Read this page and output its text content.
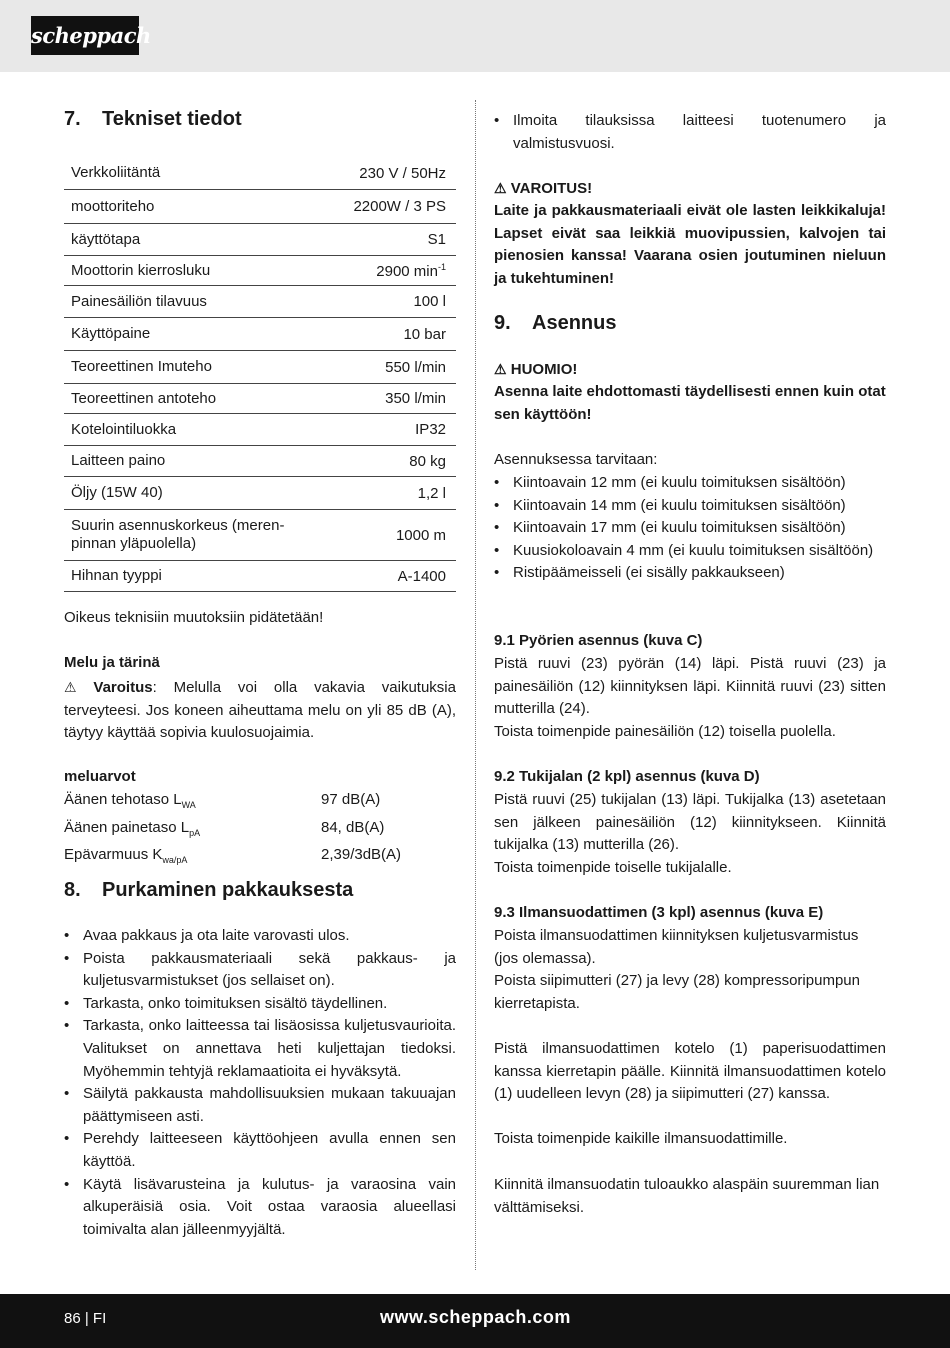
scheppach
7. Tekniset tiedot
Verkkoliitäntä	230 V / 50Hz
moottoriteho	2200W / 3 PS
käyttötapa	S1
Moottorin kierrosluku	2900 $\min^{-1}$
Painesäiliön tilavuus	100 l
Käyttöpaine	10 bar
Teoreettinen Imuteho	550 l/min
Teoreettinen antoteho	350 l/min
Kotelointiluokka	IP32
Laitteen paino	80 kg
Öljy (15W 40)	1,2 l
Suurin asennuskorkeus (meren-pinnan yläpuolella)	1000 m
Hihnan tyyppi	A-1400
Oikeus teknisiin muutoksiin pidätetään!
Melu ja tärinä
⚠ Varoitus: Melulla voi olla vakavia vaikutuksia terveyteesi. Jos koneen aiheuttama melu on yli 85 dB (A), täytyy käyttää sopivia kuulosuojaimia.
meluarvot
Äänen tehotaso $L_{WA}$	97 dB(A)
Äänen painetaso $L_{pA}$	84, dB(A)
Epävarmuus $K_{wa/pA}$	2,39/3dB(A)
8. Purkaminen pakkauksesta
• Avaa pakkaus ja ota laite varovasti ulos.
• Poista pakkausmateriaali sekä pakkaus- ja kuljetusvarmistukset (jos sellaiset on).
• Tarkasta, onko toimituksen sisältö täydellinen.
• Tarkasta, onko laitteessa tai lisäosissa kuljetusvaurioita. Valitukset on annettava heti kuljettajan tiedoksi. Myöhemmin tehtyjä reklamaatioita ei hyväksytä.
• Säilytä pakkausta mahdollisuuksien mukaan takuuajan päättymiseen asti.
• Perehdy laitteeseen käyttöohjeen avulla ennen sen käyttöä.
• Käytä lisävarusteina ja kulutus- ja varaosina vain alkuperäisiä osia. Voit ostaa varaosia alueellasi toimivalta alan jälleenmyyjältä.
• Ilmoita tilauksissa laitteesi tuotenumero ja valmistusvuosi.
⚠ VAROITUS!
Laite ja pakkausmateriaali eivät ole lasten leikkikaluja! Lapset eivät saa leikkiä muovipussien, kalvojen tai pienosien kanssa! Vaarana osien joutuminen nieluun ja tukehtuminen!
9. Asennus
⚠ HUOMIO!
Asenna laite ehdottomasti täydellisesti ennen kuin otat sen käyttöön!
Asennuksessa tarvitaan:
• Kiintoavain 12 mm (ei kuulu toimituksen sisältöön)
• Kiintoavain 14 mm (ei kuulu toimituksen sisältöön)
• Kiintoavain 17 mm (ei kuulu toimituksen sisältöön)
• Kuusiokoloavain 4 mm (ei kuulu toimituksen sisältöön)
• Ristipäämeisseli (ei sisälly pakkaukseen)
9.1 Pyörien asennus (kuva C)
Pistä ruuvi (23) pyörän (14) läpi. Pistä ruuvi (23) ja painesäiliön (12) kiinnityksen läpi. Kiinnitä ruuvi (23) sitten mutterilla (24).
Toista toimenpide painesäiliön (12) toisella puolella.
9.2 Tukijalan (2 kpl) asennus (kuva D)
Pistä ruuvi (25) tukijalan (13) läpi. Tukijalka (13) asetetaan sen jälkeen painesäiliön (12) kiinnitykseen. Kiinnitä tukijalka (13) mutterilla (26).
Toista toimenpide toiselle tukijalalle.
9.3 Ilmansuodattimen (3 kpl) asennus (kuva E)
Poista ilmansuodattimen kiinnityksen kuljetusvarmistus (jos olemassa).
Poista siipimutteri (27) ja levy (28) kompressoripumpun kierretapista.
Pistä ilmansuodattimen kotelo (1) paperisuodattimen kanssa kierretapin päälle. Kiinnitä ilmansuodattimen kotelo (1) uudelleen levyn (28) ja siipimutteri (27) kanssa.
Toista toimenpide kaikille ilmansuodattimille.
Kiinnitä ilmansuodatin tuloaukko alaspäin suuremman lian välttämiseksi.
86 | FI	www.scheppach.com
